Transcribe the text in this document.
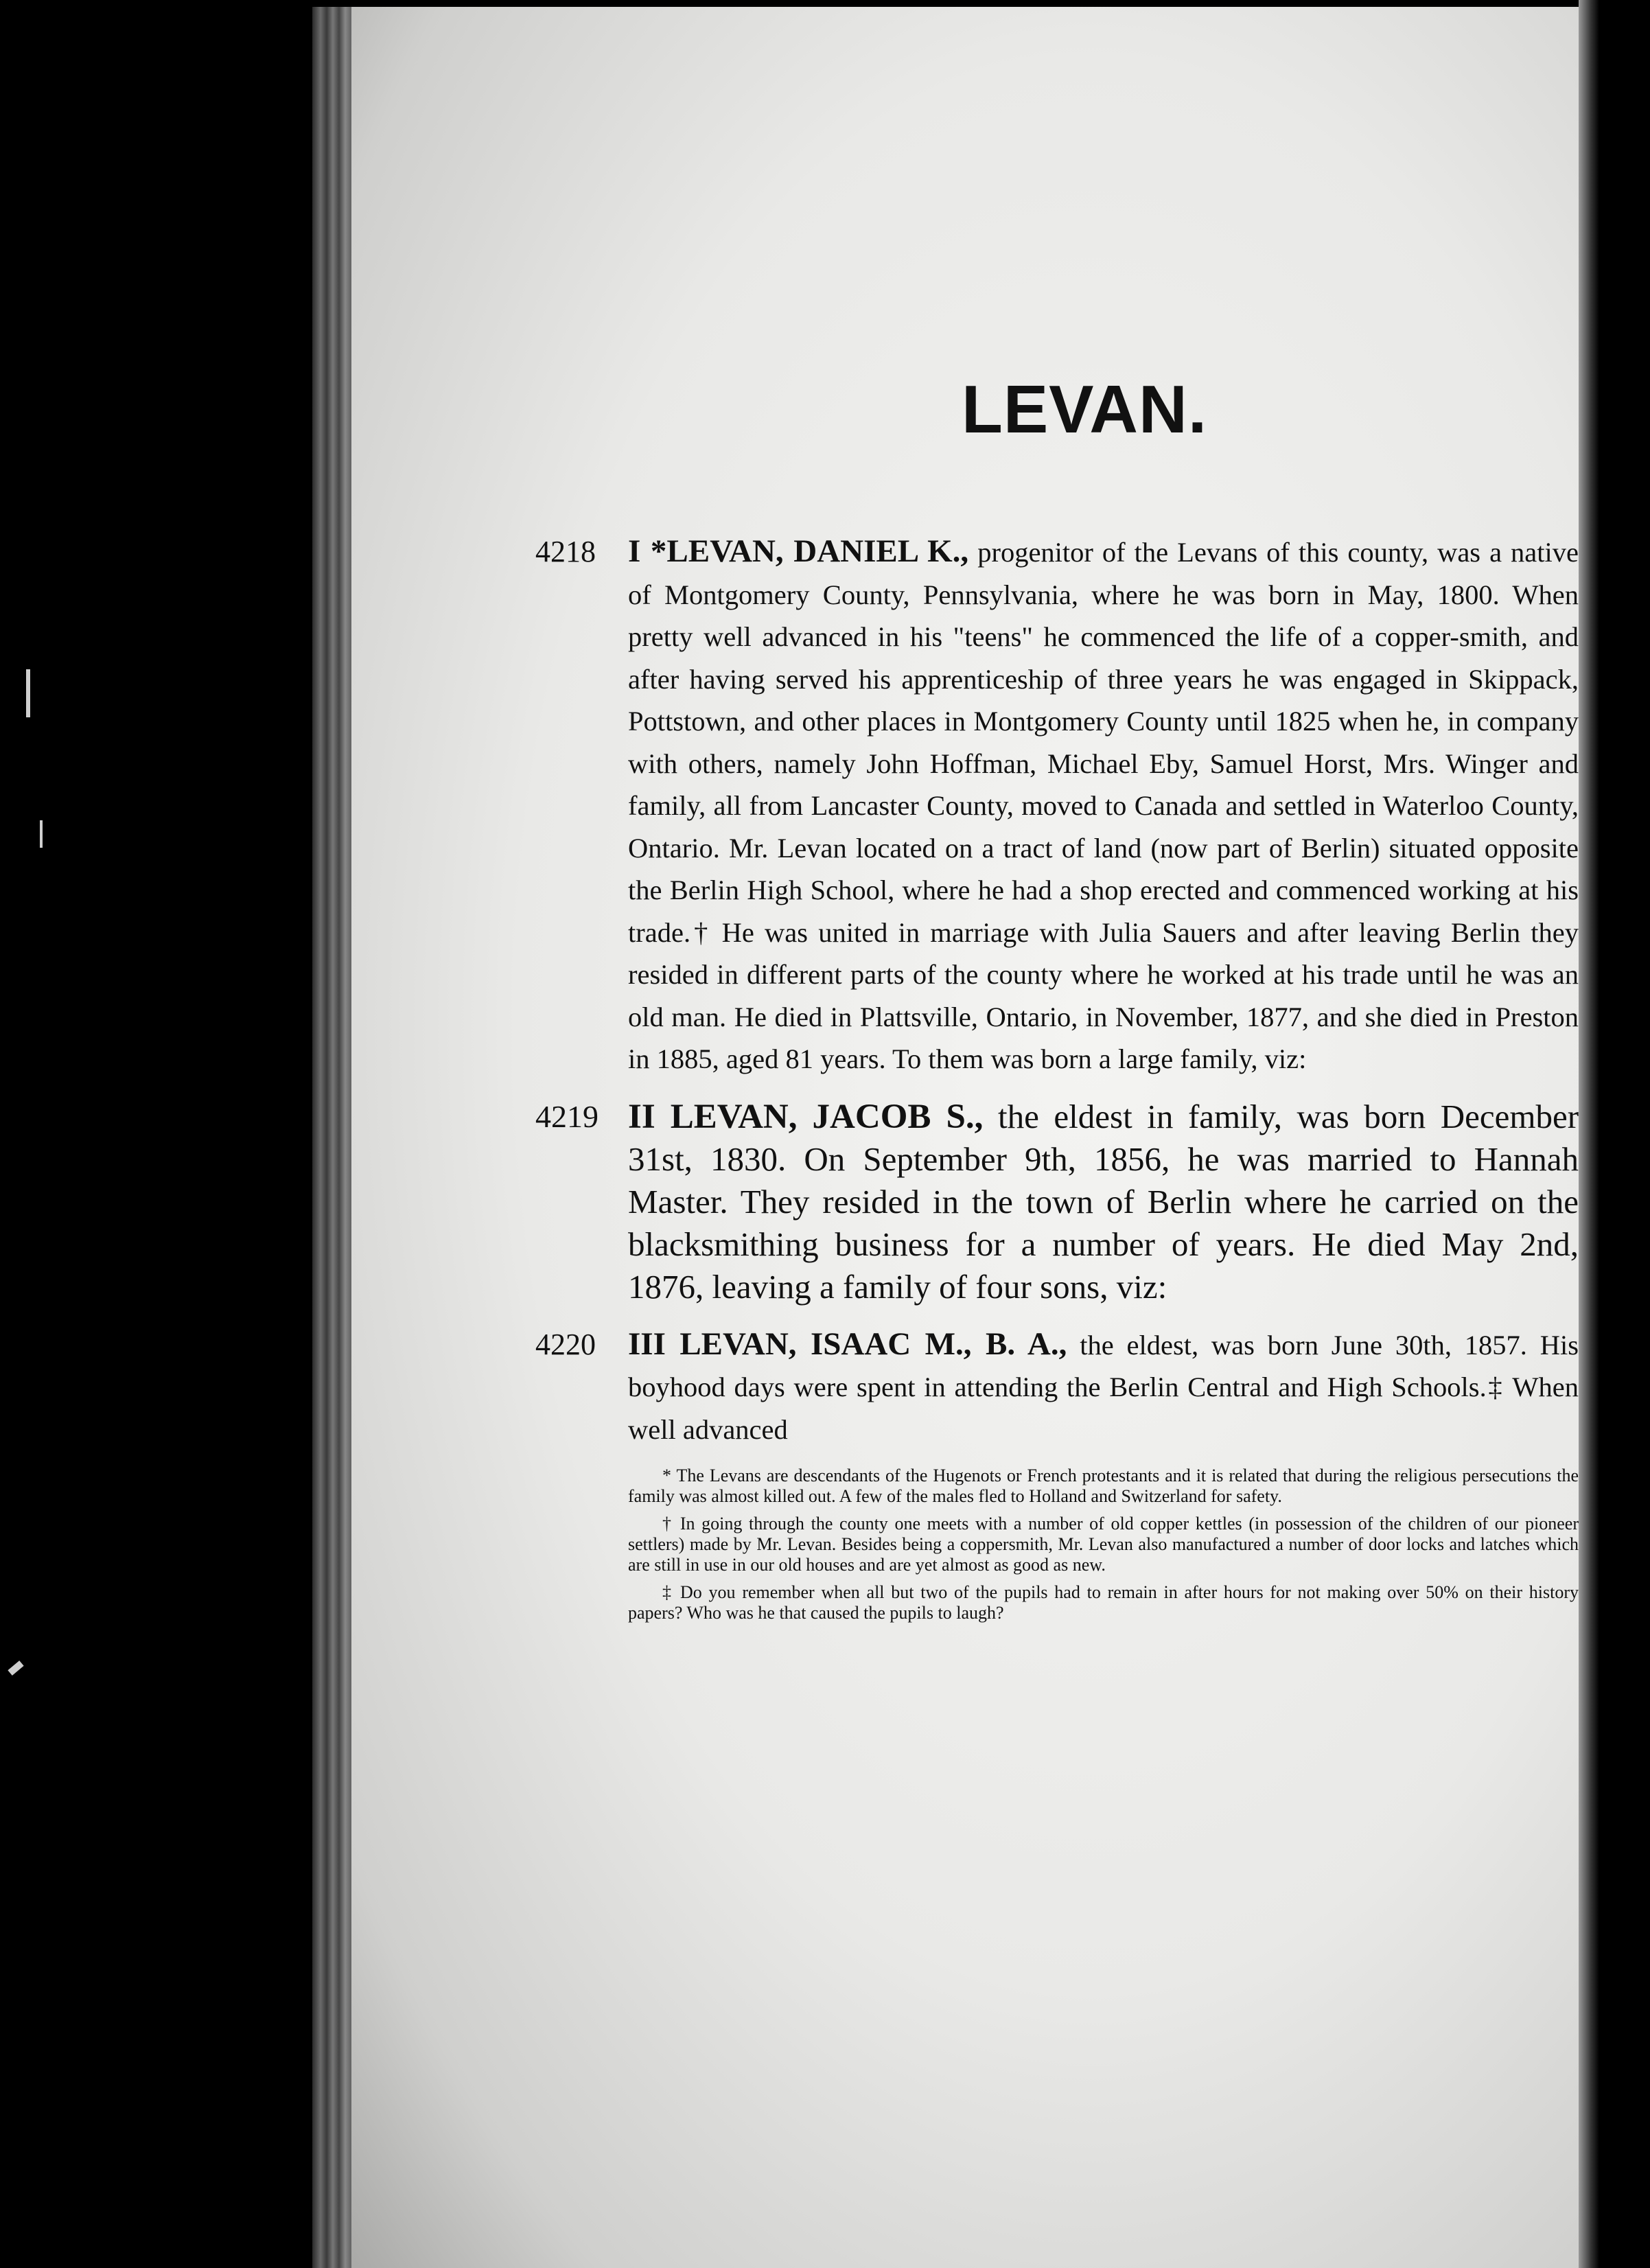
LEVAN.
4218	I *LEVAN, DANIEL K., progenitor of the Levans of this county, was a native of Montgomery County, Pennsylvania, where he was born in May, 1800. When pretty well advanced in his "teens" he commenced the life of a copper-smith, and after having served his apprenticeship of three years he was engaged in Skippack, Pottstown, and other places in Montgomery County until 1825 when he, in company with others, namely John Hoffman, Michael Eby, Samuel Horst, Mrs. Winger and family, all from Lancaster County, moved to Canada and settled in Waterloo County, Ontario. Mr. Levan located on a tract of land (now part of Berlin) situated opposite the Berlin High School, where he had a shop erected and commenced working at his trade.† He was united in marriage with Julia Sauers and after leaving Berlin they resided in different parts of the county where he worked at his trade until he was an old man. He died in Plattsville, Ontario, in November, 1877, and she died in Preston in 1885, aged 81 years. To them was born a large family, viz:

4219 II LEVAN, JACOB S., the eldest in family, was born December 31st, 1830. On September 9th, 1856, he was married to Hannah Master. They resided in the town of Berlin where he carried on the blacksmithing business for a number of years. He died May 2nd, 1876, leaving a family of four sons, viz:

4220	III LEVAN, ISAAC M., B. A., the eldest, was born June 30th, 1857. His boyhood days were spent in attending the Berlin Central and High Schools.‡ When well advanced

* The Levans are descendants of the Hugenots or French protestants and it is related that during the religious persecutions the family was almost killed out. A few of the males fled to Holland and Switzerland for safety.

† In going through the county one meets with a number of old copper kettles (in possession of the children of our pioneer settlers) made by Mr. Levan. Besides being a coppersmith, Mr. Levan also manufactured a number of door locks and latches which are still in use in our old houses and are yet almost as good as new.

‡ Do you remember when all but two of the pupils had to remain in after hours for not making over 50% on their history papers? Who was he that caused the pupils to laugh?
